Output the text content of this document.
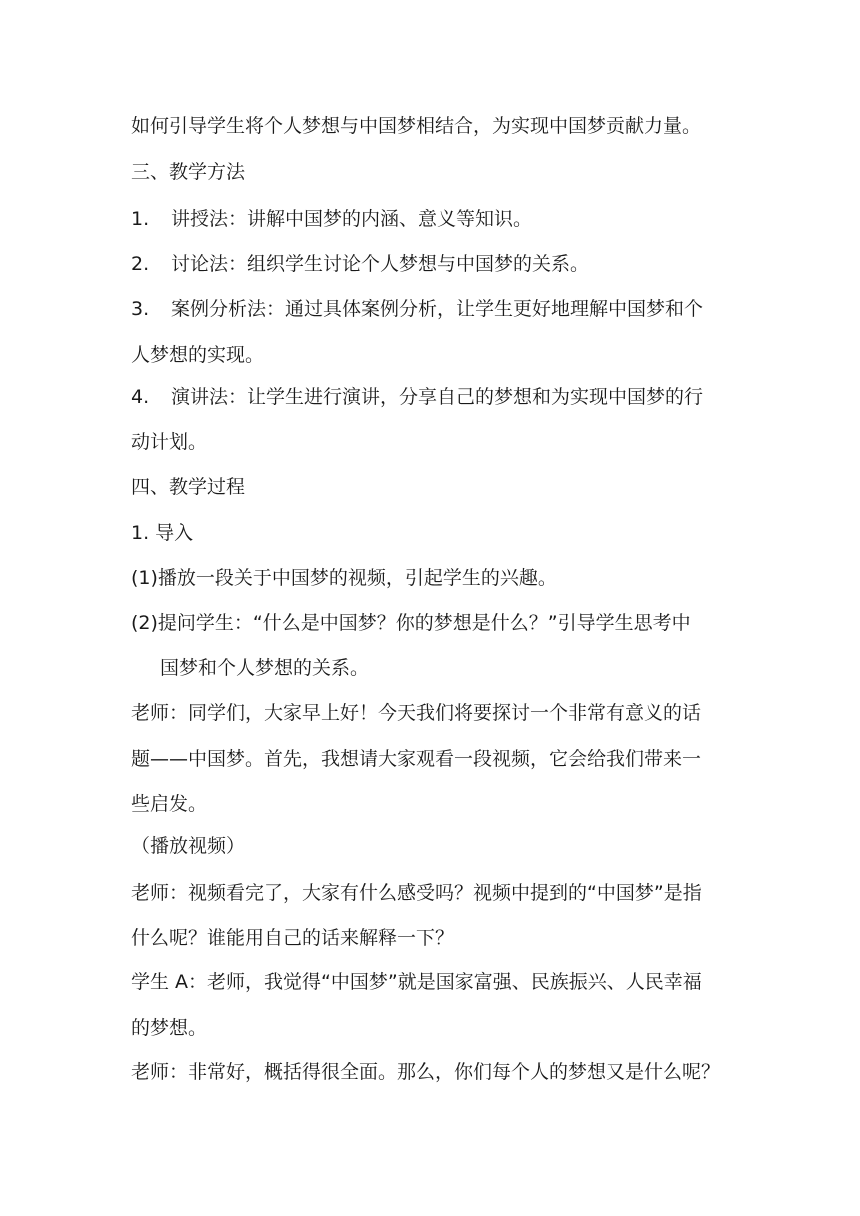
如何引导学生将个人梦想与中国梦相结合，为实现中国梦贡献力量。
三、教学方法
1. 讲授法：讲解中国梦的内涵、意义等知识。
2. 讨论法：组织学生讨论个人梦想与中国梦的关系。
3. 案例分析法：通过具体案例分析，让学生更好地理解中国梦和个
人梦想的实现。
4. 演讲法：让学生进行演讲，分享自己的梦想和为实现中国梦的行
动计划。
四、教学过程
1. 导入
(1)播放一段关于中国梦的视频，引起学生的兴趣。
(2)提问学生：“什么是中国梦？你的梦想是什么？”引导学生思考中
国梦和个人梦想的关系。
老师：同学们，大家早上好！今天我们将要探讨一个非常有意义的话
题——中国梦。首先，我想请大家观看一段视频，它会给我们带来一
些启发。
（播放视频）
老师：视频看完了，大家有什么感受吗？视频中提到的“中国梦”是指
什么呢？谁能用自己的话来解释一下？
学生 A：老师，我觉得“中国梦”就是国家富强、民族振兴、人民幸福
的梦想。
老师：非常好，概括得很全面。那么，你们每个人的梦想又是什么呢？
